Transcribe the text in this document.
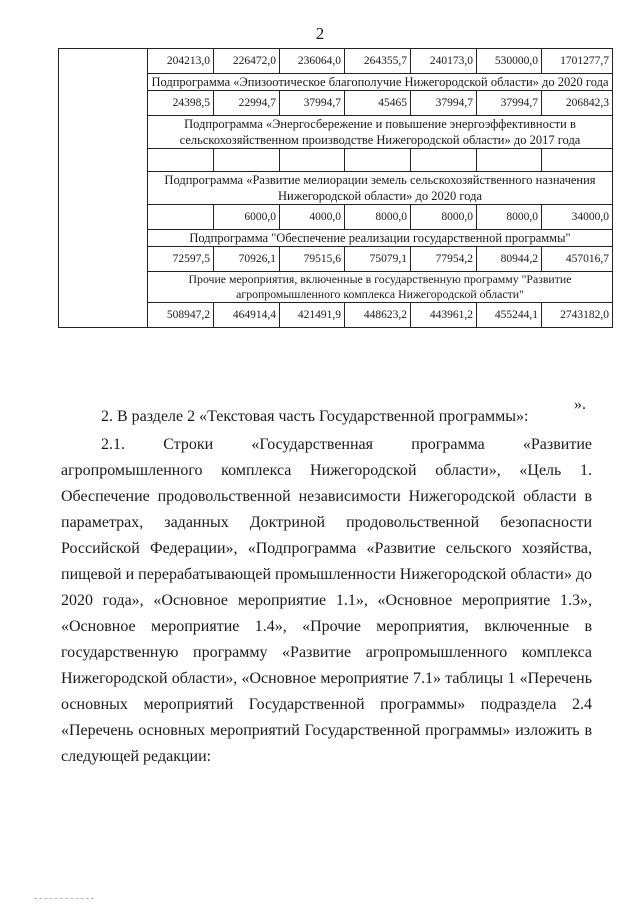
2
	204213,0	226472,0	236064,0	264355,7	240173,0	530000,0	1701277,7
	Подпрограмма «Эпизоотическое благополучие Нижегородской области» до 2020 года						
	24398,5	22994,7	37994,7	45465	37994,7	37994,7	206842,3
	Подпрограмма «Энергосбережение и повышение энергоэффективности в сельскохозяйственном производстве Нижегородской области» до 2017 года						

	Подпрограмма «Развитие мелиорации земель сельскохозяйственного назначения Нижегородской области» до 2020 года						
		6000,0	4000,0	8000,0	8000,0	8000,0	34000,0
	Подпрограмма "Обеспечение реализации государственной программы"						
	72597,5	70926,1	79515,6	75079,1	77954,2	80944,2	457016,7
	Прочие мероприятия, включенные в государственную программу "Развитие агропромышленного комплекса Нижегородской области"						
	508947,2	464914,4	421491,9	448623,2	443961,2	455244,1	2743182,0
».
2. В разделе 2 «Текстовая часть Государственной программы»:
2.1. Строки «Государственная программа «Развитие агропромышленного комплекса Нижегородской области», «Цель 1. Обеспечение продовольственной независимости Нижегородской области в параметрах, заданных Доктриной продовольственной безопасности Российской Федерации», «Подпрограмма «Развитие сельского хозяйства, пищевой и перерабатывающей промышленности Нижегородской области» до 2020 года», «Основное мероприятие 1.1», «Основное мероприятие 1.3», «Основное мероприятие 1.4», «Прочие мероприятия, включенные в государственную программу «Развитие агропромышленного комплекса Нижегородской области», «Основное мероприятие 7.1» таблицы 1 «Перечень основных мероприятий Государственной программы» подраздела 2.4 «Перечень основных мероприятий Государственной программы» изложить в следующей редакции:
